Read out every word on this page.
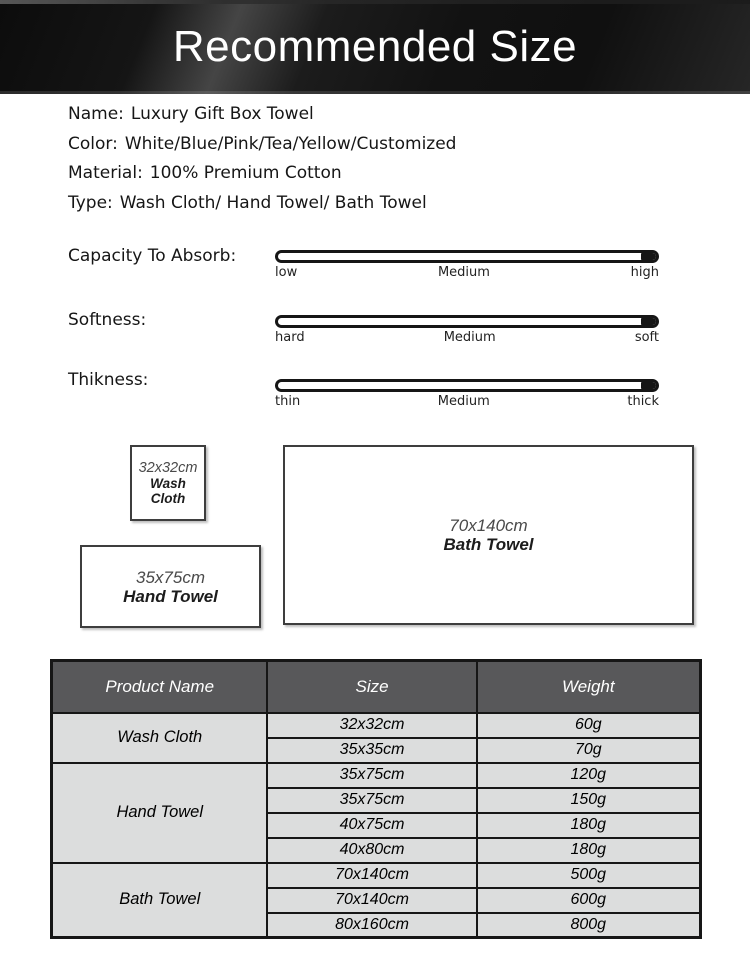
Recommended Size

Name: Luxury Gift Box Towel

Color: White/Blue/Pink/Tea/Yellow/Customized

Material: 100% Premium Cotton

Type: Wash Cloth/ Hand Towel/ Bath Towel

Capacity To Absorb:
low	Medium	high
Softness:
hard	Medium	soft
Thikness:
thin	Medium	thick
32x32cm
Wash Cloth
35x75cm
Hand Towel
70x140cm
Bath Towel
Product Name	Size	Weight
Wash Cloth	32x32cm	60g
	35x35cm	70g
Hand Towel	35x75cm	120g
	35x75cm	150g
	40x75cm	180g
	40x80cm	180g
Bath Towel	70x140cm	500g
	70x140cm	600g
	80x160cm	800g
